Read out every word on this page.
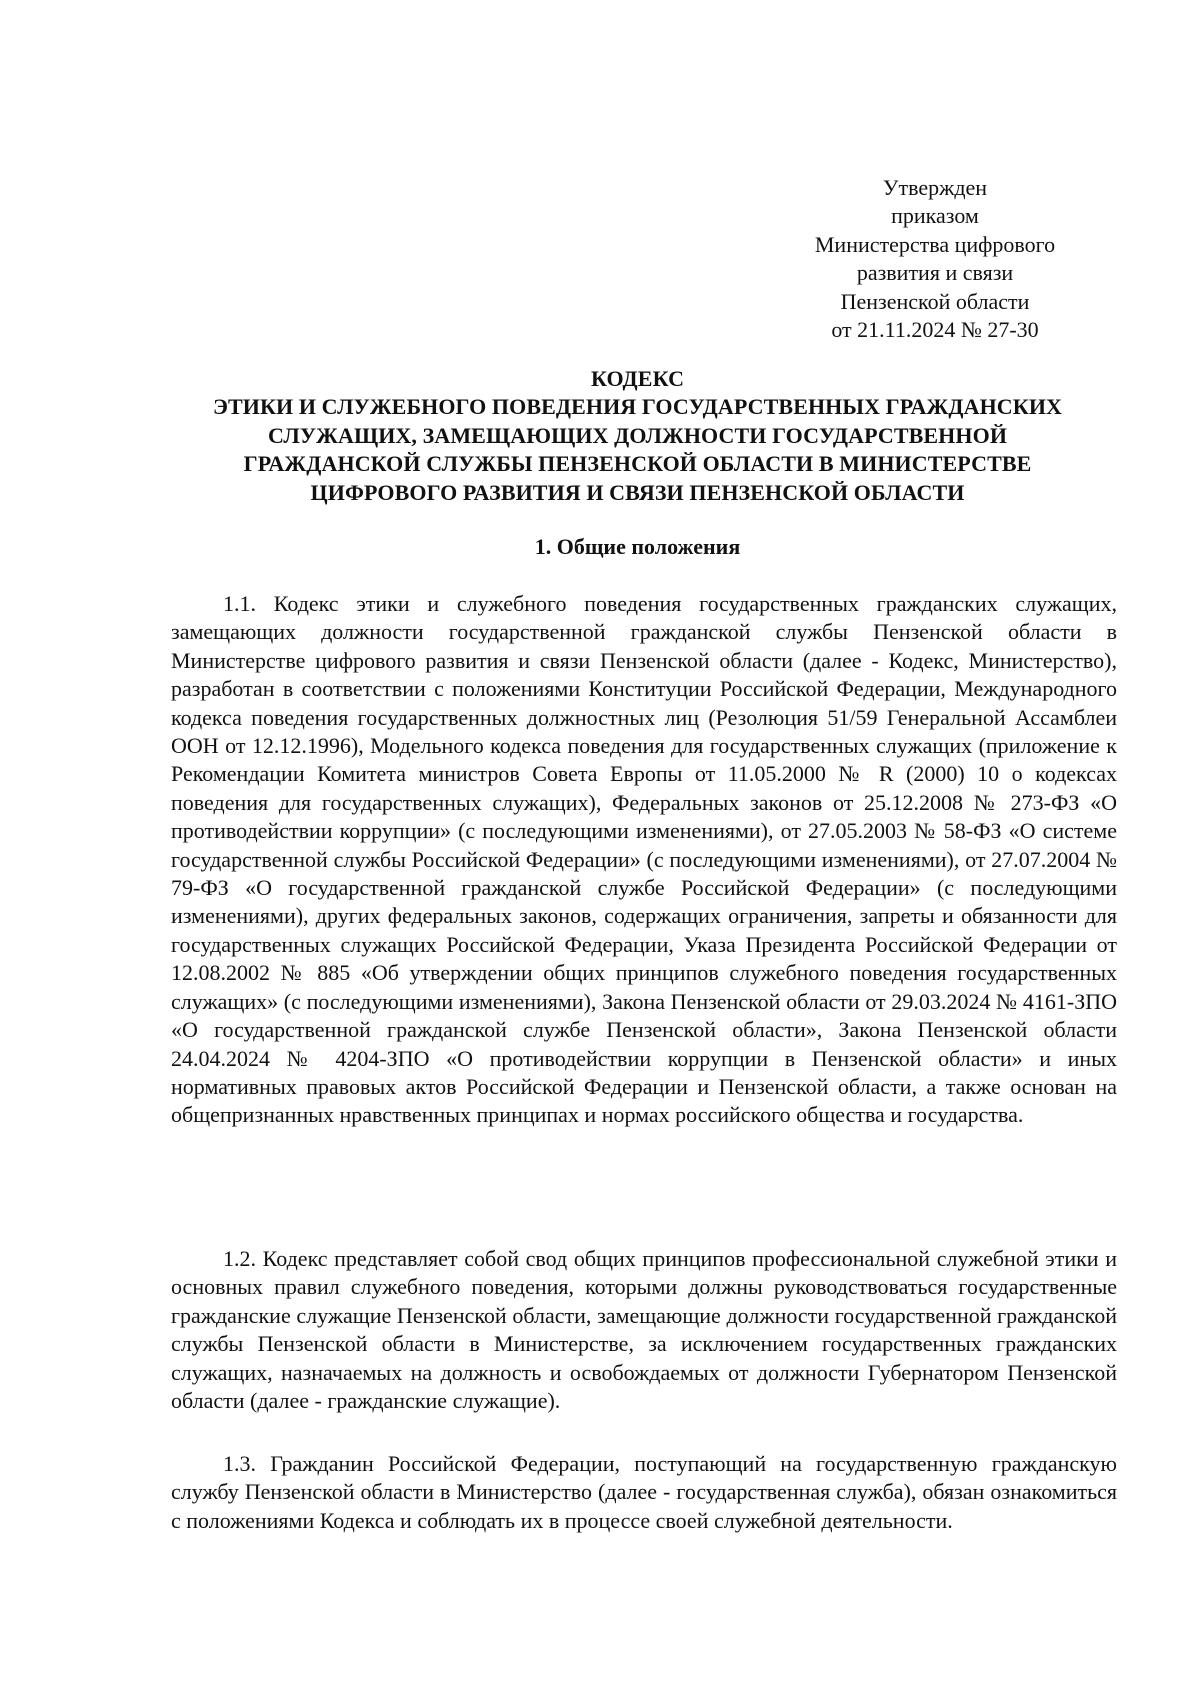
Утвержден
приказом
Министерства цифрового
развития и связи
Пензенской области
от 21.11.2024 № 27-30
КОДЕКС
ЭТИКИ И СЛУЖЕБНОГО ПОВЕДЕНИЯ ГОСУДАРСТВЕННЫХ ГРАЖДАНСКИХ
СЛУЖАЩИХ, ЗАМЕЩАЮЩИХ ДОЛЖНОСТИ ГОСУДАРСТВЕННОЙ
ГРАЖДАНСКОЙ СЛУЖБЫ ПЕНЗЕНСКОЙ ОБЛАСТИ В МИНИСТЕРСТВЕ
ЦИФРОВОГО РАЗВИТИЯ И СВЯЗИ ПЕНЗЕНСКОЙ ОБЛАСТИ
1. Общие положения

1.1. Кодекс этики и служебного поведения государственных гражданских служащих, замещающих должности государственной гражданской службы Пензенской области в Министерстве цифрового развития и связи Пензенской области (далее - Кодекс, Министерство), разработан в соответствии с положениями Конституции Российской Федерации, Международного кодекса поведения государственных должностных лиц (Резолюция 51/59 Генеральной Ассамблеи ООН от 12.12.1996), Модельного кодекса поведения для государственных служащих (приложение к Рекомендации Комитета министров Совета Европы от 11.05.2000 № R (2000) 10 о кодексах поведения для государственных служащих), Федеральных законов от 25.12.2008 № 273-ФЗ «О противодействии коррупции» (с последующими изменениями), от 27.05.2003 № 58-ФЗ «О системе государственной службы Российской Федерации» (с последующими изменениями), от 27.07.2004 № 79-ФЗ «О государственной гражданской службе Российской Федерации» (с последующими изменениями), других федеральных законов, содержащих ограничения, запреты и обязанности для государственных служащих Российской Федерации, Указа Президента Российской Федерации от 12.08.2002 № 885 «Об утверждении общих принципов служебного поведения государственных служащих» (с последующими изменениями), Закона Пензенской области от 29.03.2024 № 4161-ЗПО «О государственной гражданской службе Пензенской области», Закона Пензенской области 24.04.2024 № 4204-ЗПО «О противодействии коррупции в Пензенской области» и иных нормативных правовых актов Российской Федерации и Пензенской области, а также основан на общепризнанных нравственных принципах и нормах российского общества и государства.

1.2. Кодекс представляет собой свод общих принципов профессиональной служебной этики и основных правил служебного поведения, которыми должны руководствоваться государственные гражданские служащие Пензенской области, замещающие должности государственной гражданской службы Пензенской области в Министерстве, за исключением государственных гражданских служащих, назначаемых на должность и освобождаемых от должности Губернатором Пензенской области (далее - гражданские служащие).

1.3. Гражданин Российской Федерации, поступающий на государственную гражданскую службу Пензенской области в Министерство (далее - государственная служба), обязан ознакомиться с положениями Кодекса и соблюдать их в процессе своей служебной деятельности.
